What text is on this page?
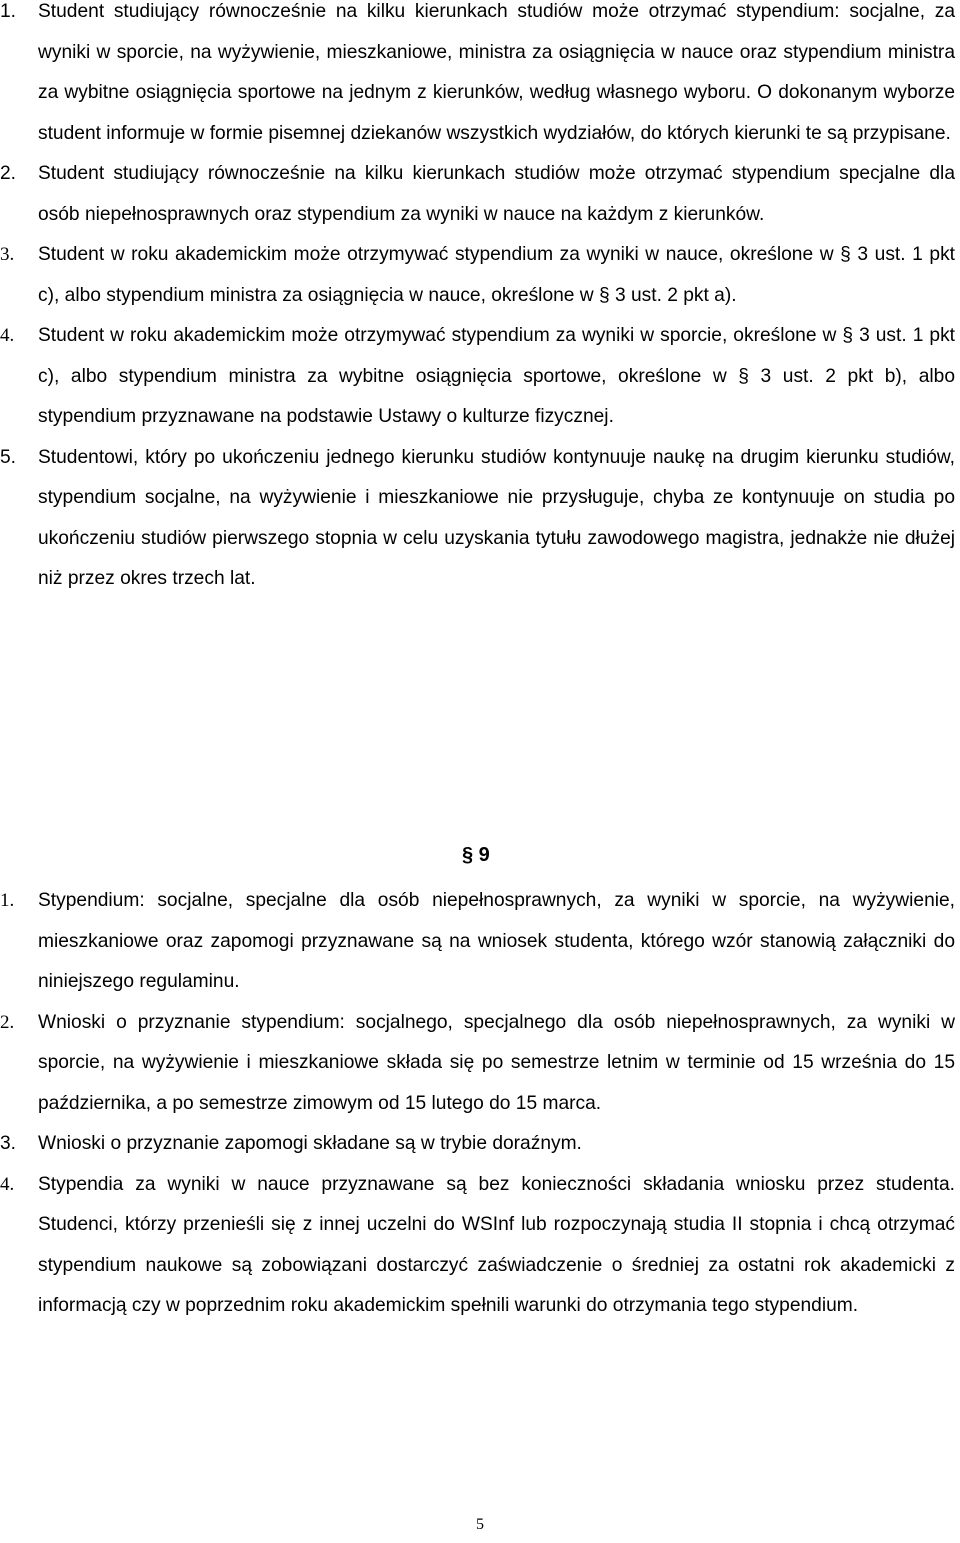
1. Student studiujący równocześnie na kilku kierunkach studiów może otrzymać stypendium: socjalne, za wyniki w sporcie, na wyżywienie, mieszkaniowe, ministra za osiągnięcia w nauce oraz stypendium ministra za wybitne osiągnięcia sportowe na jednym z kierunków, według własnego wyboru. O dokonanym wyborze student informuje w formie pisemnej dziekanów wszystkich wydziałów, do których kierunki te są przypisane.
2. Student studiujący równocześnie na kilku kierunkach studiów może otrzymać stypendium specjalne dla osób niepełnosprawnych oraz stypendium za wyniki w nauce na każdym z kierunków.
3. Student w roku akademickim może otrzymywać stypendium za wyniki w nauce, określone w § 3 ust. 1 pkt c), albo stypendium ministra za osiągnięcia w nauce, określone w § 3 ust. 2 pkt a).
4. Student w roku akademickim może otrzymywać stypendium za wyniki w sporcie, określone w § 3 ust. 1 pkt c), albo stypendium ministra za wybitne osiągnięcia sportowe, określone w § 3 ust. 2 pkt b), albo stypendium przyznawane na podstawie Ustawy o kulturze fizycznej.
5. Studentowi, który po ukończeniu jednego kierunku studiów kontynuuje naukę na drugim kierunku studiów, stypendium socjalne, na wyżywienie i mieszkaniowe nie przysługuje, chyba ze kontynuuje on studia po ukończeniu studiów pierwszego stopnia w celu uzyskania tytułu zawodowego magistra, jednakże nie dłużej niż przez okres trzech lat.
§ 9
1. Stypendium: socjalne, specjalne dla osób niepełnosprawnych, za wyniki w sporcie, na wyżywienie, mieszkaniowe oraz zapomogi przyznawane są na wniosek studenta, którego wzór stanowią załączniki do niniejszego regulaminu.
2. Wnioski o przyznanie stypendium: socjalnego, specjalnego dla osób niepełnosprawnych, za wyniki w sporcie, na wyżywienie i mieszkaniowe składa się po semestrze letnim w terminie od 15 września do 15 października, a po semestrze zimowym od 15 lutego do 15 marca.
3. Wnioski o przyznanie zapomogi składane są w trybie doraźnym.
4. Stypendia za wyniki w nauce przyznawane są bez konieczności składania wniosku przez studenta. Studenci, którzy przenieśli się z innej uczelni do WSInf lub rozpoczynają studia II stopnia i chcą otrzymać stypendium naukowe są zobowiązani dostarczyć zaświadczenie o średniej za ostatni rok akademicki z informacją czy w poprzednim roku akademickim spełnili warunki do otrzymania tego stypendium.
5
